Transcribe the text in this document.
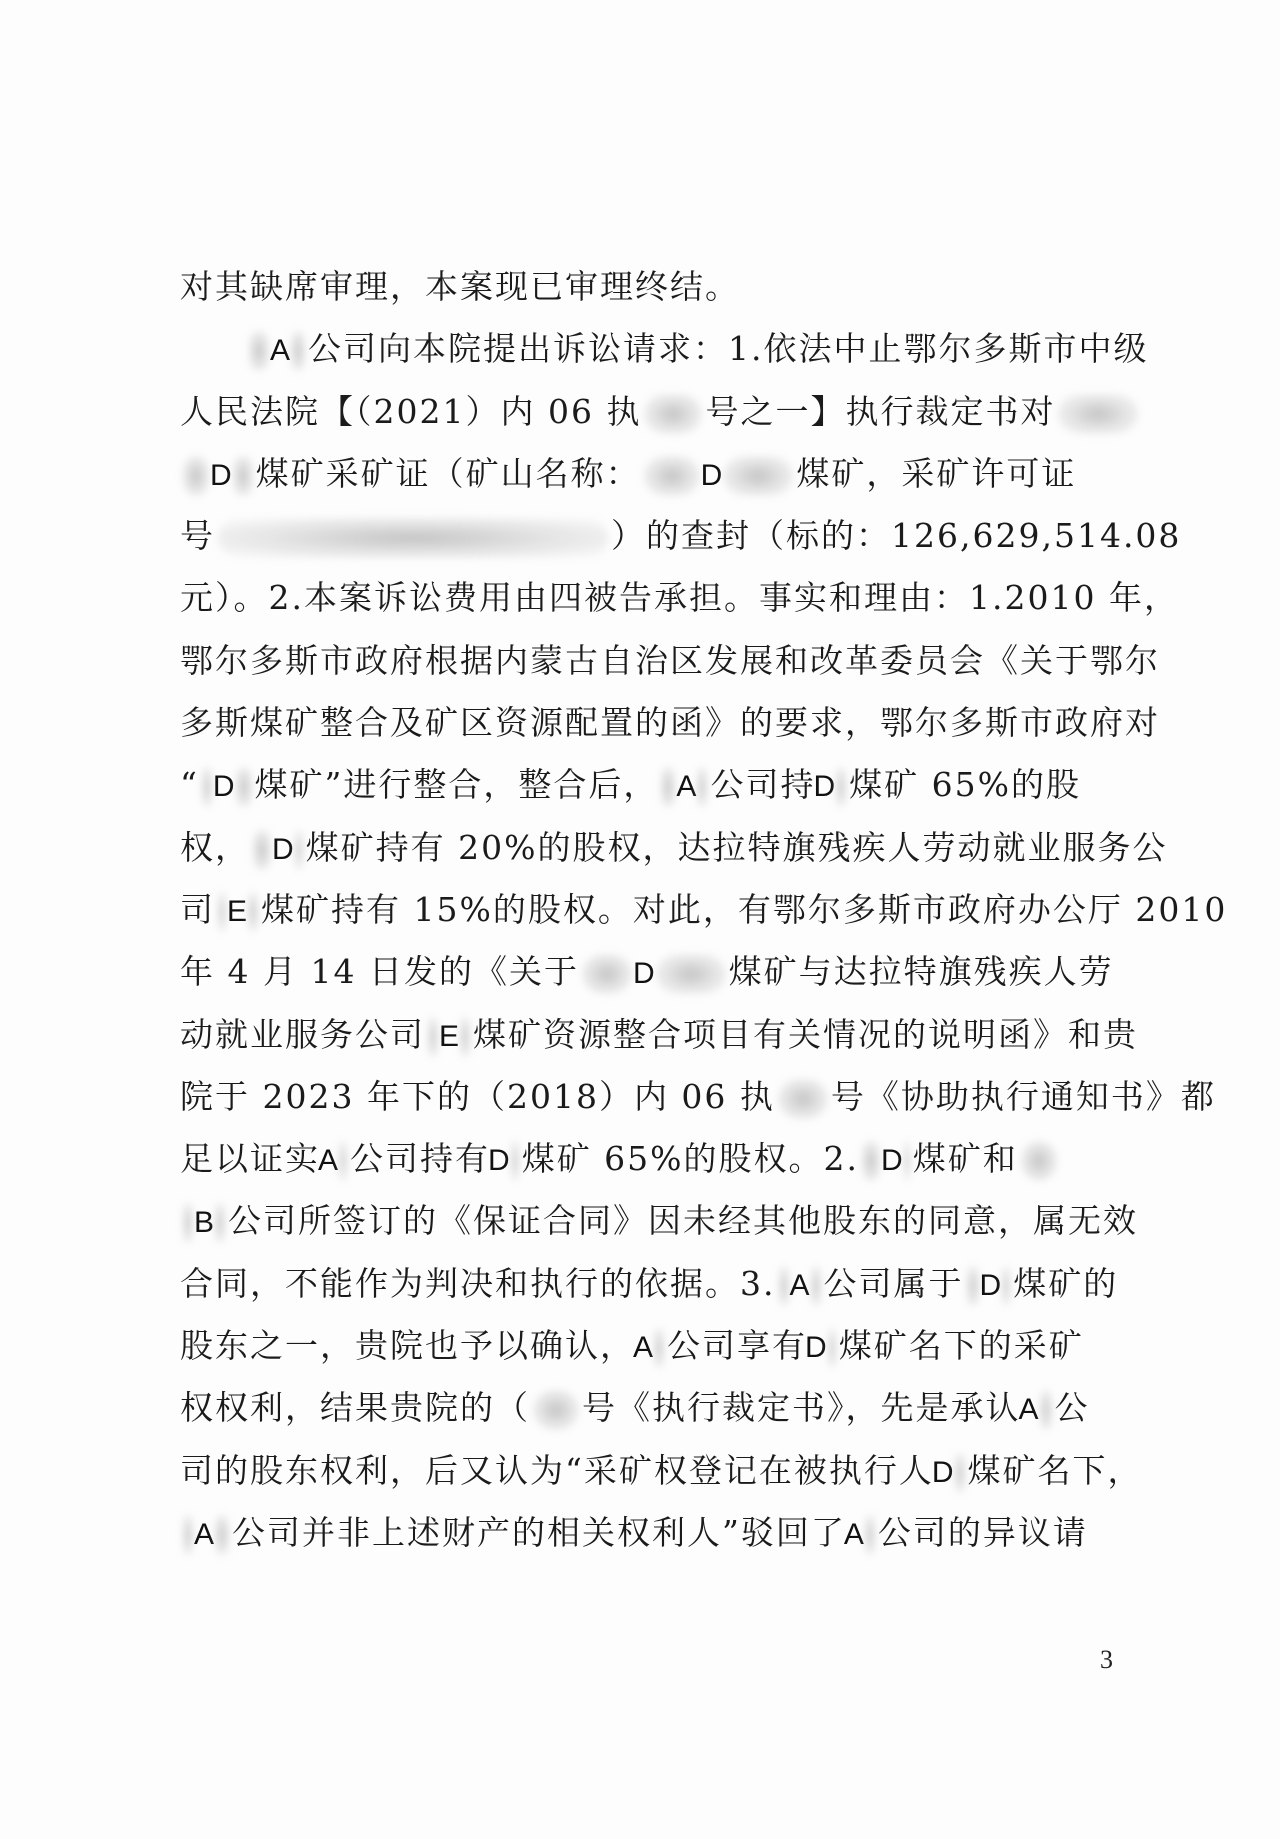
对其缺席审理，本案现已审理终结。
A 公司向本院提出诉讼请求：1.依法中止鄂尔多斯市中级
人民法院【（2021）内 06 执 号之一】执行裁定书对
D 煤矿采矿证（矿山名称： D 煤矿，采矿许可证
号	）的查封（标的：126,629,514.08
元）。2.本案诉讼费用由四被告承担。事实和理由：1.2010 年，
鄂尔多斯市政府根据内蒙古自治区发展和改革委员会《关于鄂尔
多斯煤矿整合及矿区资源配置的函》的要求，鄂尔多斯市政府对
“ D 煤矿”进行整合，整合后， A 公司持D 煤矿 65%的股
权， D 煤矿持有 20%的股权，达拉特旗残疾人劳动就业服务公
司 E 煤矿持有 15%的股权。对此，有鄂尔多斯市政府办公厅 2010
年 4 月 14 日发的《关于 D 煤矿与达拉特旗残疾人劳
动就业服务公司 E 煤矿资源整合项目有关情况的说明函》和贵
院于 2023 年下的（2018）内 06 执 号《协助执行通知书》都
足以证实A 公司持有D 煤矿 65%的股权。2. D 煤矿和
B 公司所签订的《保证合同》因未经其他股东的同意，属无效
合同，不能作为判决和执行的依据。3. A 公司属于 D 煤矿的
股东之一，贵院也予以确认，A 公司享有D 煤矿名下的采矿
权权利，结果贵院的（ 号《执行裁定书》，先是承认A 公
司的股东权利，后又认为“采矿权登记在被执行人D 煤矿名下，
A 公司并非上述财产的相关权利人”驳回了A 公司的异议请
3
